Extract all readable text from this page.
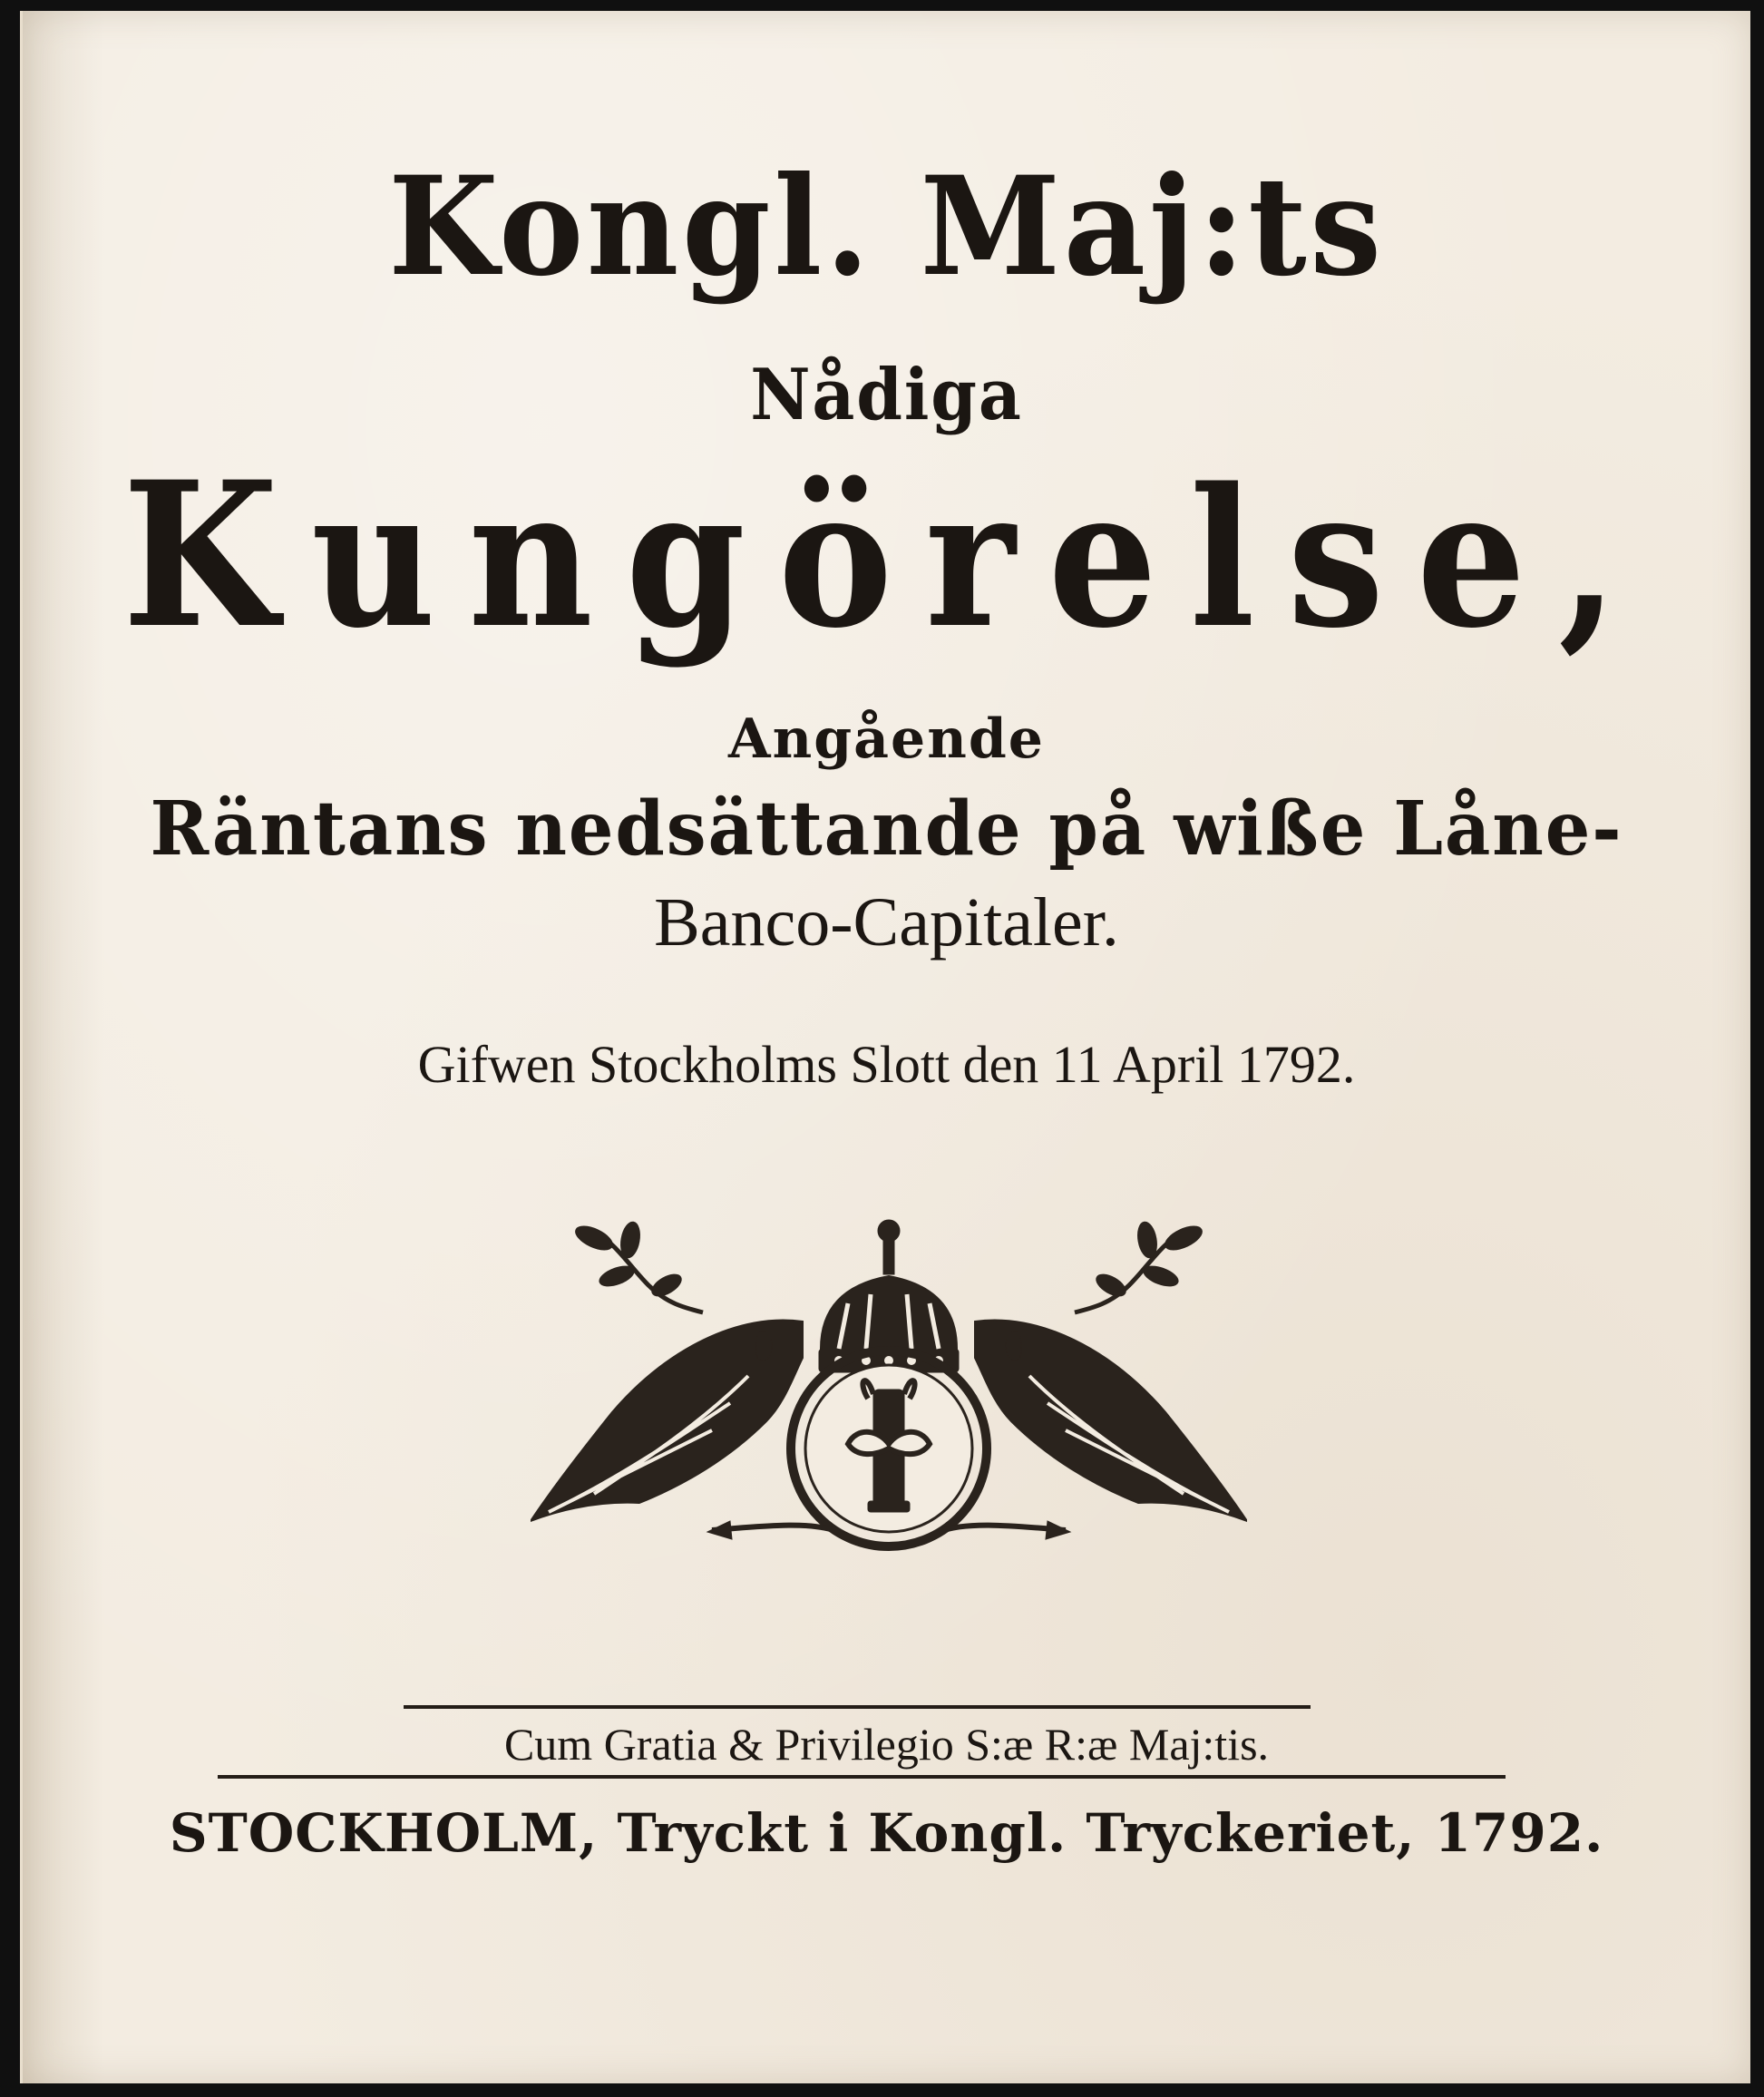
Kongl. Maj:ts
Nådiga
Kungörelse,
Angående
Räntans nedsättande på wiße Låne-
Banco-Capitaler.
Gifwen Stockholms Slott den 11 April 1792.
Cum Gratia & Privilegio S:æ R:æ Maj:tis.
STOCKHOLM, Tryckt i Kongl. Tryckeriet, 1792.
